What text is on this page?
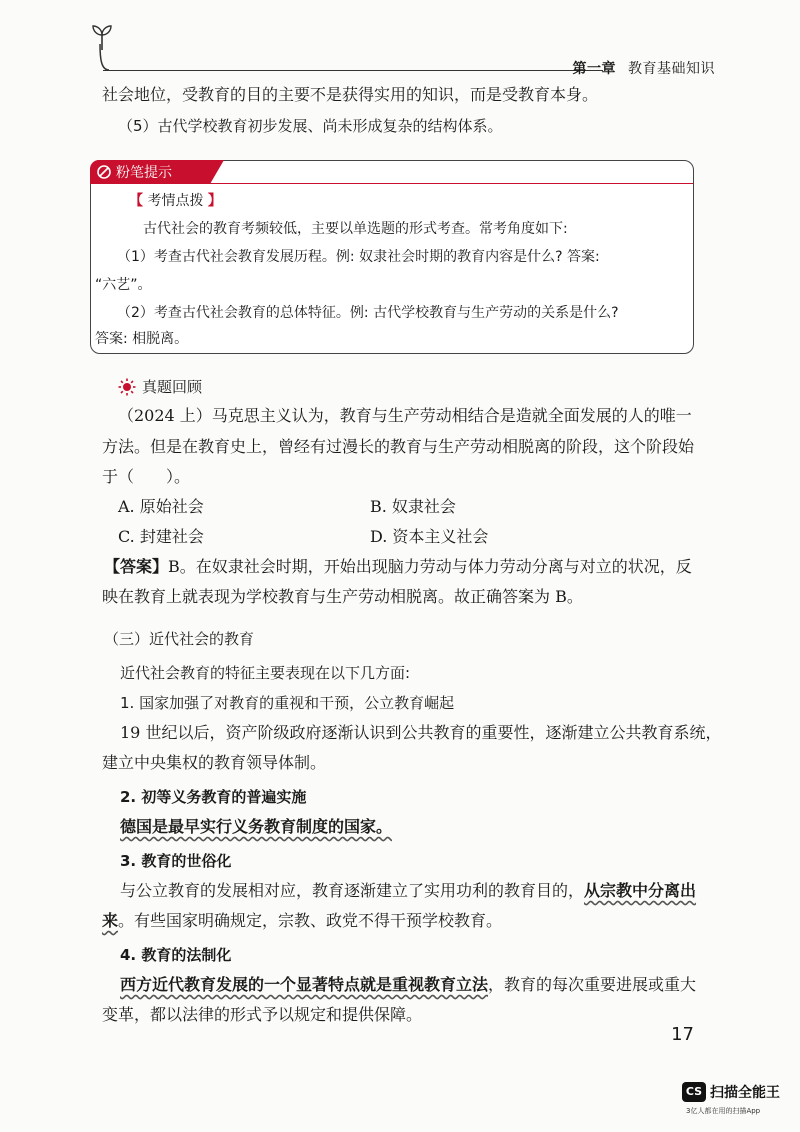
第一章 教育基础知识
社会地位，受教育的目的主要不是获得实用的知识，而是受教育本身。
（5）古代学校教育初步发展、尚未形成复杂的结构体系。
粉笔提示
【 考情点拨 】
古代社会的教育考频较低，主要以单选题的形式考查。常考角度如下:
（1）考查古代社会教育发展历程。例: 奴隶社会时期的教育内容是什么? 答案:
“六艺”。
（2）考查古代社会教育的总体特征。例: 古代学校教育与生产劳动的关系是什么?
答案: 相脱离。
真题回顾
（2024 上）马克思主义认为，教育与生产劳动相结合是造就全面发展的人的唯一
方法。但是在教育史上，曾经有过漫长的教育与生产劳动相脱离的阶段，这个阶段始
于（　　）。
A. 原始社会	B. 奴隶社会
C. 封建社会	D. 资本主义社会
【答案】B。在奴隶社会时期，开始出现脑力劳动与体力劳动分离与对立的状况，反
映在教育上就表现为学校教育与生产劳动相脱离。故正确答案为 B。
（三）近代社会的教育
近代社会教育的特征主要表现在以下几方面:
1. 国家加强了对教育的重视和干预，公立教育崛起
19 世纪以后，资产阶级政府逐渐认识到公共教育的重要性，逐渐建立公共教育系统，
建立中央集权的教育领导体制。
2. 初等义务教育的普遍实施
德国是最早实行义务教育制度的国家。
3. 教育的世俗化
与公立教育的发展相对应，教育逐渐建立了实用功利的教育目的，从宗教中分离出
来。有些国家明确规定，宗教、政党不得干预学校教育。
4. 教育的法制化
西方近代教育发展的一个显著特点就是重视教育立法，教育的每次重要进展或重大
变革，都以法律的形式予以规定和提供保障。
17
CS 扫描全能王
3亿人都在用的扫描App
